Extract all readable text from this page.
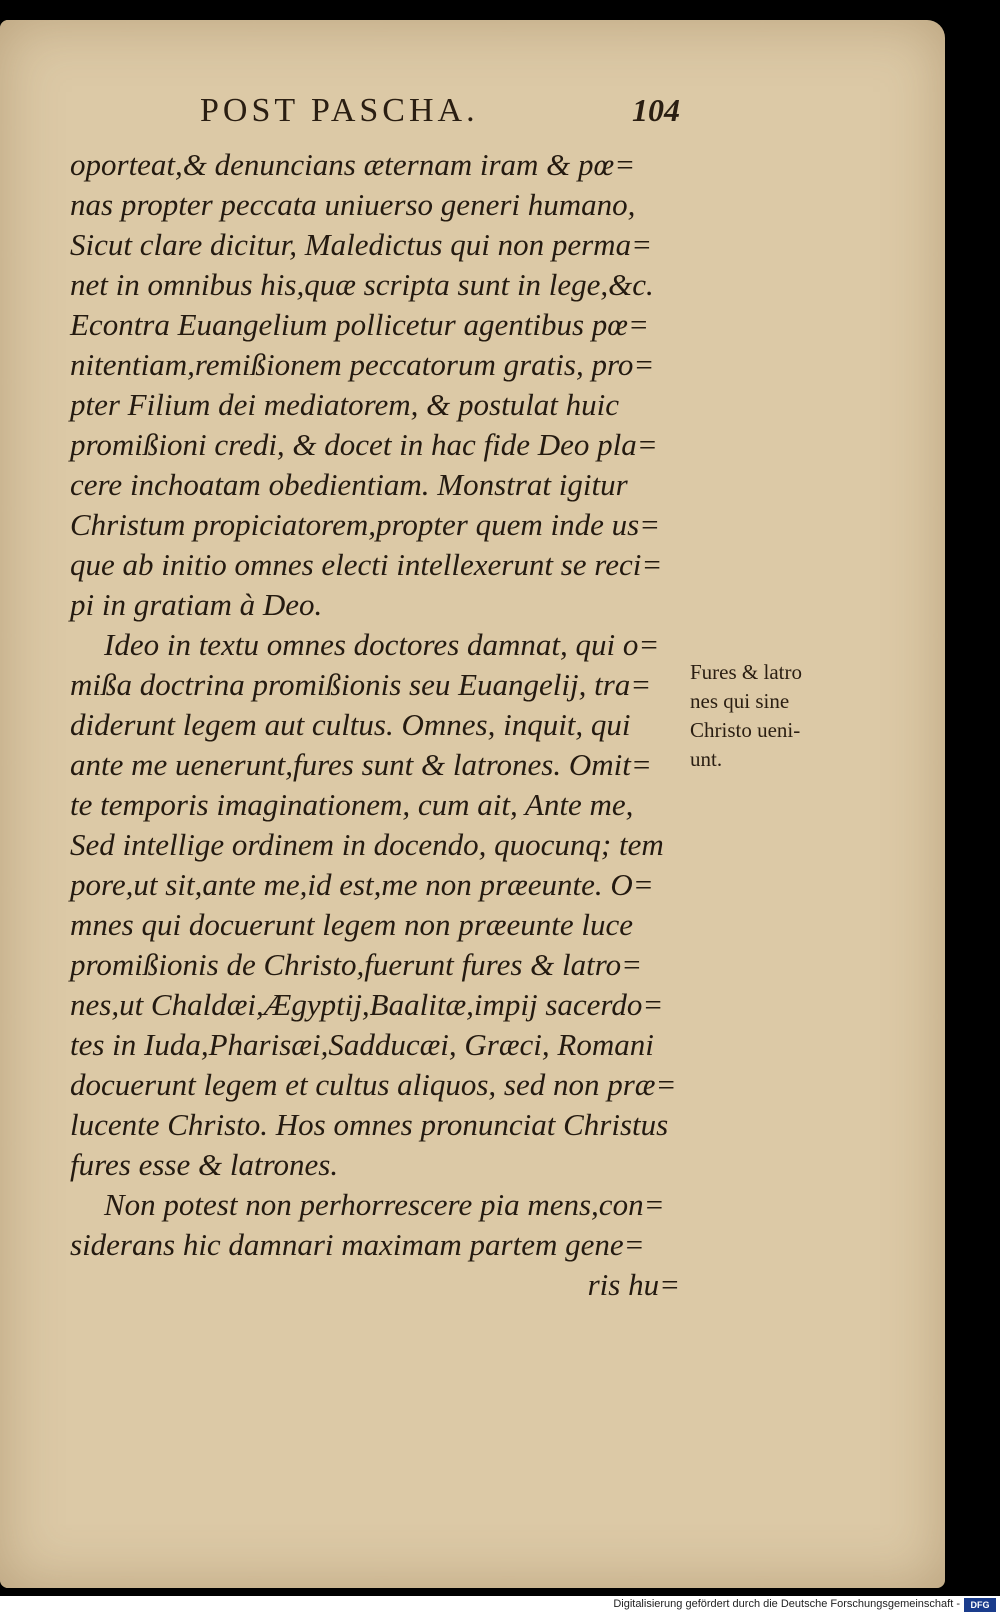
POST PASCHA.	104
oporteat,& denuncians æternam iram & pœ=
nas propter peccata uniuerso generi humano,
Sicut clare dicitur, Maledictus qui non perma=
net in omnibus his,quæ scripta sunt in lege,&c.
Econtra Euangelium pollicetur agentibus pœ=
nitentiam,remißionem peccatorum gratis, pro=
pter Filium dei mediatorem, & postulat huic
promißioni credi, & docet in hac fide Deo pla=
cere inchoatam obedientiam. Monstrat igitur
Christum propiciatorem,propter quem inde us=
que ab initio omnes electi intellexerunt se reci=
pi in gratiam à Deo.
Ideo in textu omnes doctores damnat, qui o=
mißa doctrina promißionis seu Euangelij, tra=
diderunt legem aut cultus. Omnes, inquit, qui
ante me uenerunt,fures sunt & latrones. Omit=
te temporis imaginationem, cum ait, Ante me,
Sed intellige ordinem in docendo, quocunq; tem
pore,ut sit,ante me,id est,me non præeunte. O=
mnes qui docuerunt legem non præeunte luce
promißionis de Christo,fuerunt fures & latro=
nes,ut Chaldæi,Ægyptij,Baalitæ,impij sacerdo=
tes in Iuda,Pharisæi,Sadducæi, Græci, Romani
docuerunt legem et cultus aliquos, sed non præ=
lucente Christo. Hos omnes pronunciat Christus
fures esse & latrones.
Non potest non perhorrescere pia mens,con=
siderans hic damnari maximam partem gene=
ris hu=
Fures & latro
nes qui sine
Christo ueni-
unt.
Digitalisierung gefördert durch die Deutsche Forschungsgemeinschaft -	DFG
